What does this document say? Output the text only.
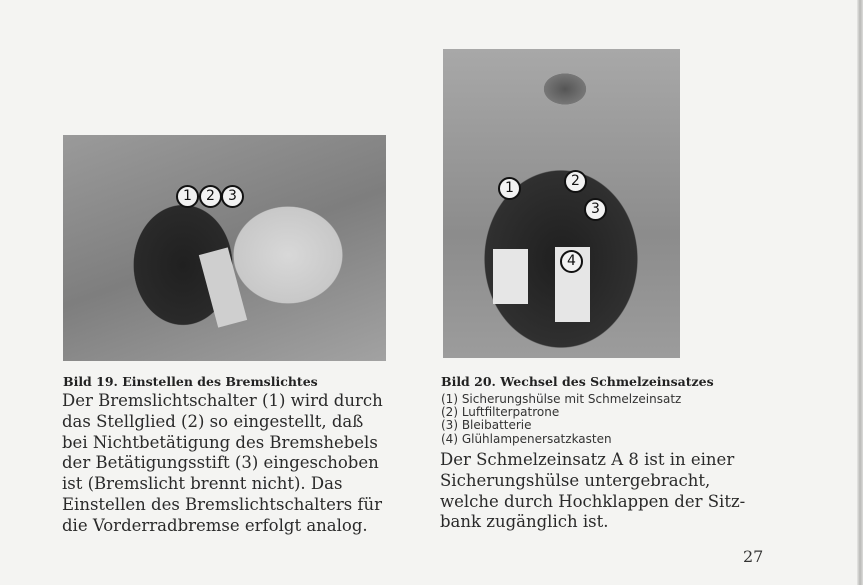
1	2 3	1	2
3
4
Bild 19. Einstellen des Bremslichtes
Der Bremslichtschalter (1) wird durch
das Stellglied (2) so eingestellt, daß
bei Nichtbetätigung des Bremshebels
der Betätigungsstift (3) eingeschoben
ist (Bremslicht brennt nicht). Das
Einstellen des Bremslichtschalters für
die Vorderradbremse erfolgt analog.
Bild 20. Wechsel des Schmelzeinsatzes
(1) Sicherungshülse mit Schmelzeinsatz
(2) Luftfilterpatrone
(3) Bleibatterie
(4) Glühlampenersatzkasten
Der Schmelzeinsatz A 8 ist in einer
Sicherungshülse untergebracht,
welche durch Hochklappen der Sitz-
bank zugänglich ist.
27
